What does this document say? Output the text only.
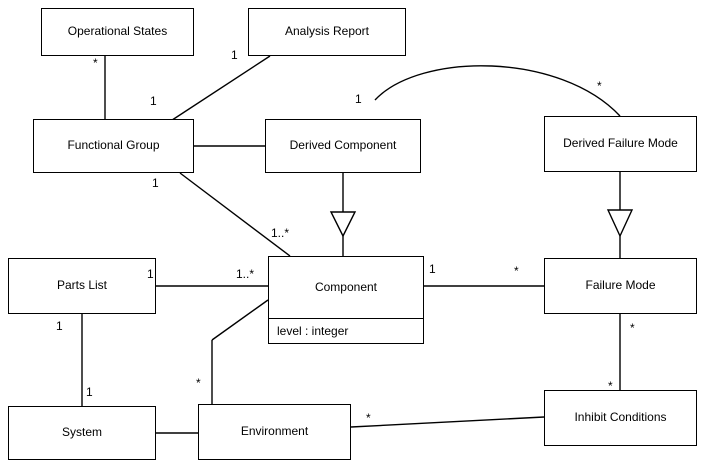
Operational States	Analysis Report
Functional Group	Derived Component	Derived Failure Mode
Parts List	Component
level : integer
Failure Mode
System	Environment
Inhibit Conditions
*
1
1
1
*
1
1..*
1	1..*	1	*
1	*
*	*
1
*
